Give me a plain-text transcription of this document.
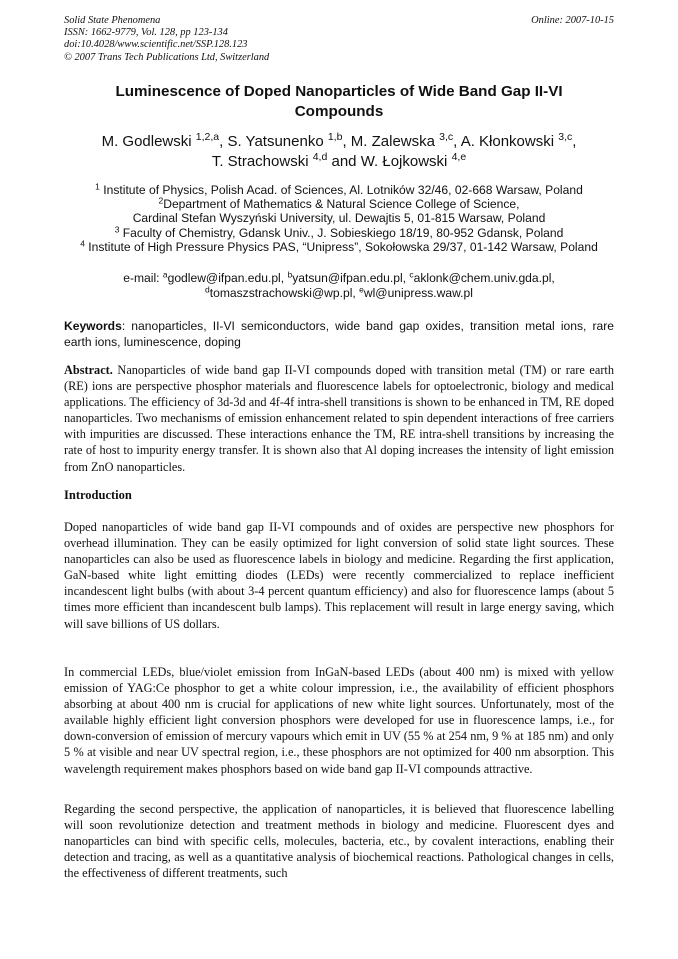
Solid State Phenomena
ISSN: 1662-9779, Vol. 128, pp 123-134
doi:10.4028/www.scientific.net/SSP.128.123
© 2007 Trans Tech Publications Ltd, Switzerland
Online: 2007-10-15
Luminescence of Doped Nanoparticles of Wide Band Gap II-VI
Compounds
M. Godlewski $^{1,2,a}$, S. Yatsunenko $^{1,b}$, M. Zalewska $^{3,c}$, A. Kłonkowski $^{3,c}$,
T. Strachowski $^{4,d}$ and W. Łojkowski $^{4,e}$
$^1$ Institute of Physics, Polish Acad. of Sciences, Al. Lotników 32/46, 02-668 Warsaw, Poland
$^2$Department of Mathematics & Natural Science College of Science,
Cardinal Stefan Wyszyński University, ul. Dewajtis 5, 01-815 Warsaw, Poland
$^3$ Faculty of Chemistry, Gdansk Univ., J. Sobieskiego 18/19, 80-952 Gdansk, Poland
$^4$ Institute of High Pressure Physics PAS, “Unipress”, Sokołowska 29/37, 01-142 Warsaw, Poland
e-mail: $^a$godlew@ifpan.edu.pl, $^b$yatsun@ifpan.edu.pl, $^c$aklonk@chem.univ.gda.pl,
$^d$tomaszstrachowski@wp.pl, $^e$wl@unipress.waw.pl
Keywords: nanoparticles, II-VI semiconductors, wide band gap oxides, transition metal ions, rare earth ions, luminescence, doping
Abstract. Nanoparticles of wide band gap II-VI compounds doped with transition metal (TM) or rare earth (RE) ions are perspective phosphor materials and fluorescence labels for optoelectronic, biology and medical applications. The efficiency of 3d-3d and 4f-4f intra-shell transitions is shown to be enhanced in TM, RE doped nanoparticles. Two mechanisms of emission enhancement related to spin dependent interactions of free carriers with impurities are discussed. These interactions enhance the TM, RE intra-shell transitions by increasing the rate of host to impurity energy transfer. It is shown also that Al doping increases the intensity of light emission from ZnO nanoparticles.
Introduction

Doped nanoparticles of wide band gap II-VI compounds and of oxides are perspective new phosphors for overhead illumination. They can be easily optimized for light conversion of solid state light sources. These nanoparticles can also be used as fluorescence labels in biology and medicine. Regarding the first application, GaN-based white light emitting diodes (LEDs) were recently commercialized to replace inefficient incandescent light bulbs (with about 3-4 percent quantum efficiency) and also for fluorescence lamps (about 5 times more efficient than incandescent bulb lamps). This replacement will result in large energy saving, which will save billions of US dollars.

In commercial LEDs, blue/violet emission from InGaN-based LEDs (about 400 nm) is mixed with yellow emission of YAG:Ce phosphor to get a white colour impression, i.e., the availability of efficient phosphors absorbing at about 400 nm is crucial for applications of new white light sources. Unfortunately, most of the available highly efficient light conversion phosphors were developed for use in fluorescence lamps, i.e., for down-conversion of emission of mercury vapours which emit in UV (55 % at 254 nm, 9 % at 185 nm) and only 5 % at visible and near UV spectral region, i.e., these phosphors are not optimized for 400 nm absorption. This wavelength requirement makes phosphors based on wide band gap II-VI compounds attractive.

Regarding the second perspective, the application of nanoparticles, it is believed that fluorescence labelling will soon revolutionize detection and treatment methods in biology and medicine. Fluorescent dyes and nanoparticles can bind with specific cells, molecules, bacteria, etc., by covalent interactions, enabling their detection and tracing, as well as a quantitative analysis of biochemical reactions. Pathological changes in cells, the effectiveness of different treatments, such
